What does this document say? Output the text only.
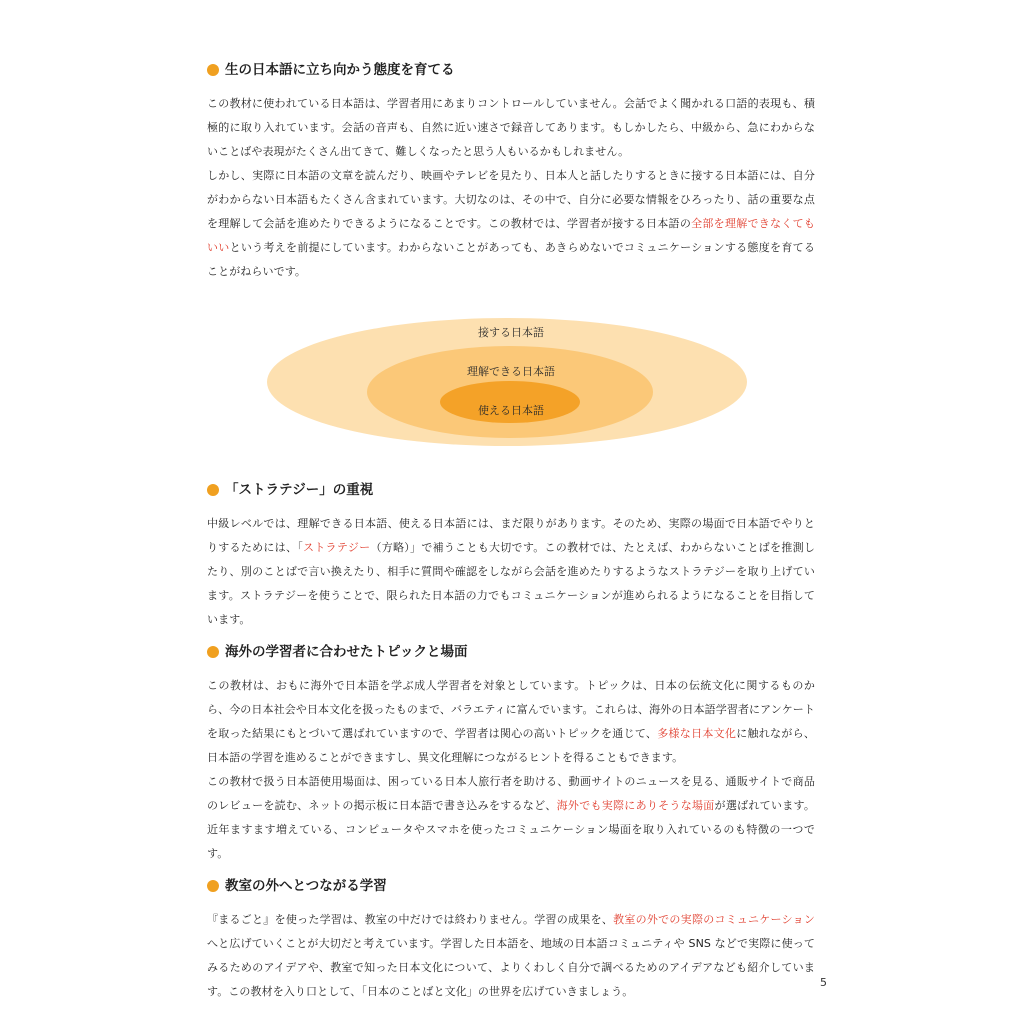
生の日本語に立ち向かう態度を育てる

この教材に使われている日本語は、学習者用にあまりコントロールしていません。会話でよく聞かれる口語的表現も、積極的に取り入れています。会話の音声も、自然に近い速さで録音してあります。もしかしたら、中級から、急にわからないことばや表現がたくさん出てきて、難しくなったと思う人もいるかもしれません。

しかし、実際に日本語の文章を読んだり、映画やテレビを見たり、日本人と話したりするときに接する日本語には、自分がわからない日本語もたくさん含まれています。大切なのは、その中で、自分に必要な情報をひろったり、話の重要な点を理解して会話を進めたりできるようになることです。この教材では、学習者が接する日本語の全部を理解できなくてもいいという考えを前提にしています。わからないことがあっても、あきらめないでコミュニケーションする態度を育てることがねらいです。

接する日本語
理解できる日本語
使える日本語
「ストラテジー」の重視

中級レベルでは、理解できる日本語、使える日本語には、まだ限りがあります。そのため、実際の場面で日本語でやりとりするためには、「ストラテジー（方略）」で補うことも大切です。この教材では、たとえば、わからないことばを推測したり、別のことばで言い換えたり、相手に質問や確認をしながら会話を進めたりするようなストラテジーを取り上げています。ストラテジーを使うことで、限られた日本語の力でもコミュニケーションが進められるようになることを目指しています。

海外の学習者に合わせたトピックと場面

この教材は、おもに海外で日本語を学ぶ成人学習者を対象としています。トピックは、日本の伝統文化に関するものから、今の日本社会や日本文化を扱ったものまで、バラエティに富んでいます。これらは、海外の日本語学習者にアンケートを取った結果にもとづいて選ばれていますので、学習者は関心の高いトピックを通じて、多様な日本文化に触れながら、日本語の学習を進めることができますし、異文化理解につながるヒントを得ることもできます。

この教材で扱う日本語使用場面は、困っている日本人旅行者を助ける、動画サイトのニュースを見る、通販サイトで商品のレビューを読む、ネットの掲示板に日本語で書き込みをするなど、海外でも実際にありそうな場面が選ばれています。近年ますます増えている、コンピュータやスマホを使ったコミュニケーション場面を取り入れているのも特徴の一つです。

教室の外へとつながる学習

『まるごと』を使った学習は、教室の中だけでは終わりません。学習の成果を、教室の外での実際のコミュニケーションへと広げていくことが大切だと考えています。学習した日本語を、地域の日本語コミュニティや SNS などで実際に使ってみるためのアイデアや、教室で知った日本文化について、よりくわしく自分で調べるためのアイデアなども紹介しています。この教材を入り口として、「日本のことばと文化」の世界を広げていきましょう。

5
